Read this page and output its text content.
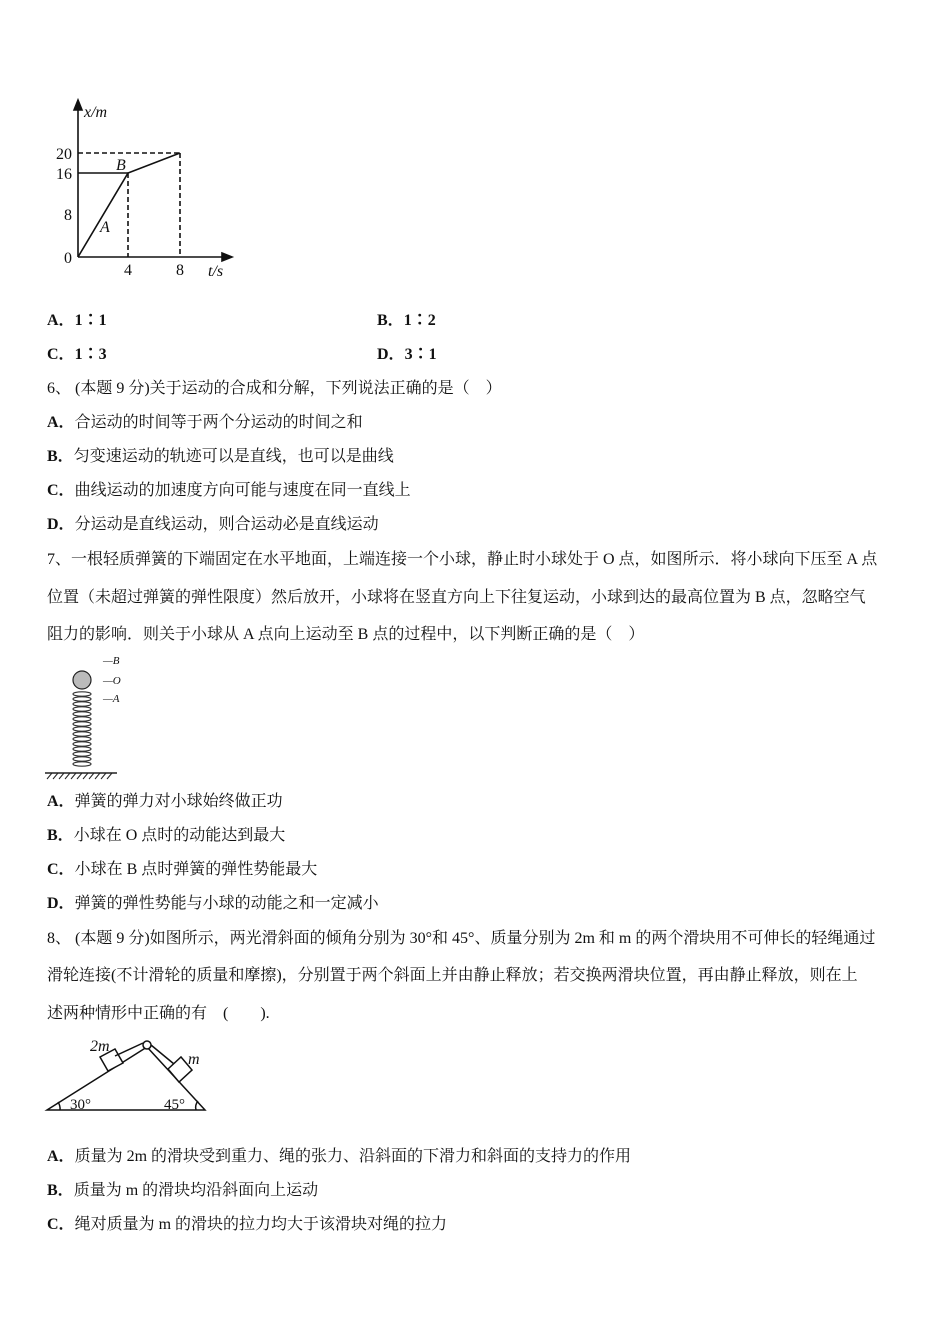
x/m
t/s
0
8
16
20
4	8
A
B
A．1∶1	B．1∶2
C．1∶3	D．3∶1
6、 (本题 9 分)关于运动的合成和分解，下列说法正确的是（　）
A．合运动的时间等于两个分运动的时间之和
B．匀变速运动的轨迹可以是直线，也可以是曲线
C．曲线运动的加速度方向可能与速度在同一直线上
D．分运动是直线运动，则合运动必是直线运动
7、一根轻质弹簧的下端固定在水平地面，上端连接一个小球，静止时小球处于 O 点，如图所示．将小球向下压至 A 点
位置（未超过弹簧的弹性限度）然后放开，小球将在竖直方向上下往复运动，小球到达的最高位置为 B 点，忽略空气
阻力的影响．则关于小球从 A 点向上运动至 B 点的过程中，以下判断正确的是（　）
—B
—O
—A
A．弹簧的弹力对小球始终做正功
B．小球在 O 点时的动能达到最大
C．小球在 B 点时弹簧的弹性势能最大
D．弹簧的弹性势能与小球的动能之和一定减小
8、 (本题 9 分)如图所示，两光滑斜面的倾角分别为 30°和 45°、质量分别为 2m 和 m 的两个滑块用不可伸长的轻绳通过
滑轮连接(不计滑轮的质量和摩擦)，分别置于两个斜面上并由静止释放；若交换两滑块位置，再由静止释放，则在上
述两种情形中正确的有　(　　).
2m
m
30°	45°
A．质量为 2m 的滑块受到重力、绳的张力、沿斜面的下滑力和斜面的支持力的作用
B．质量为 m 的滑块均沿斜面向上运动
C．绳对质量为 m 的滑块的拉力均大于该滑块对绳的拉力
